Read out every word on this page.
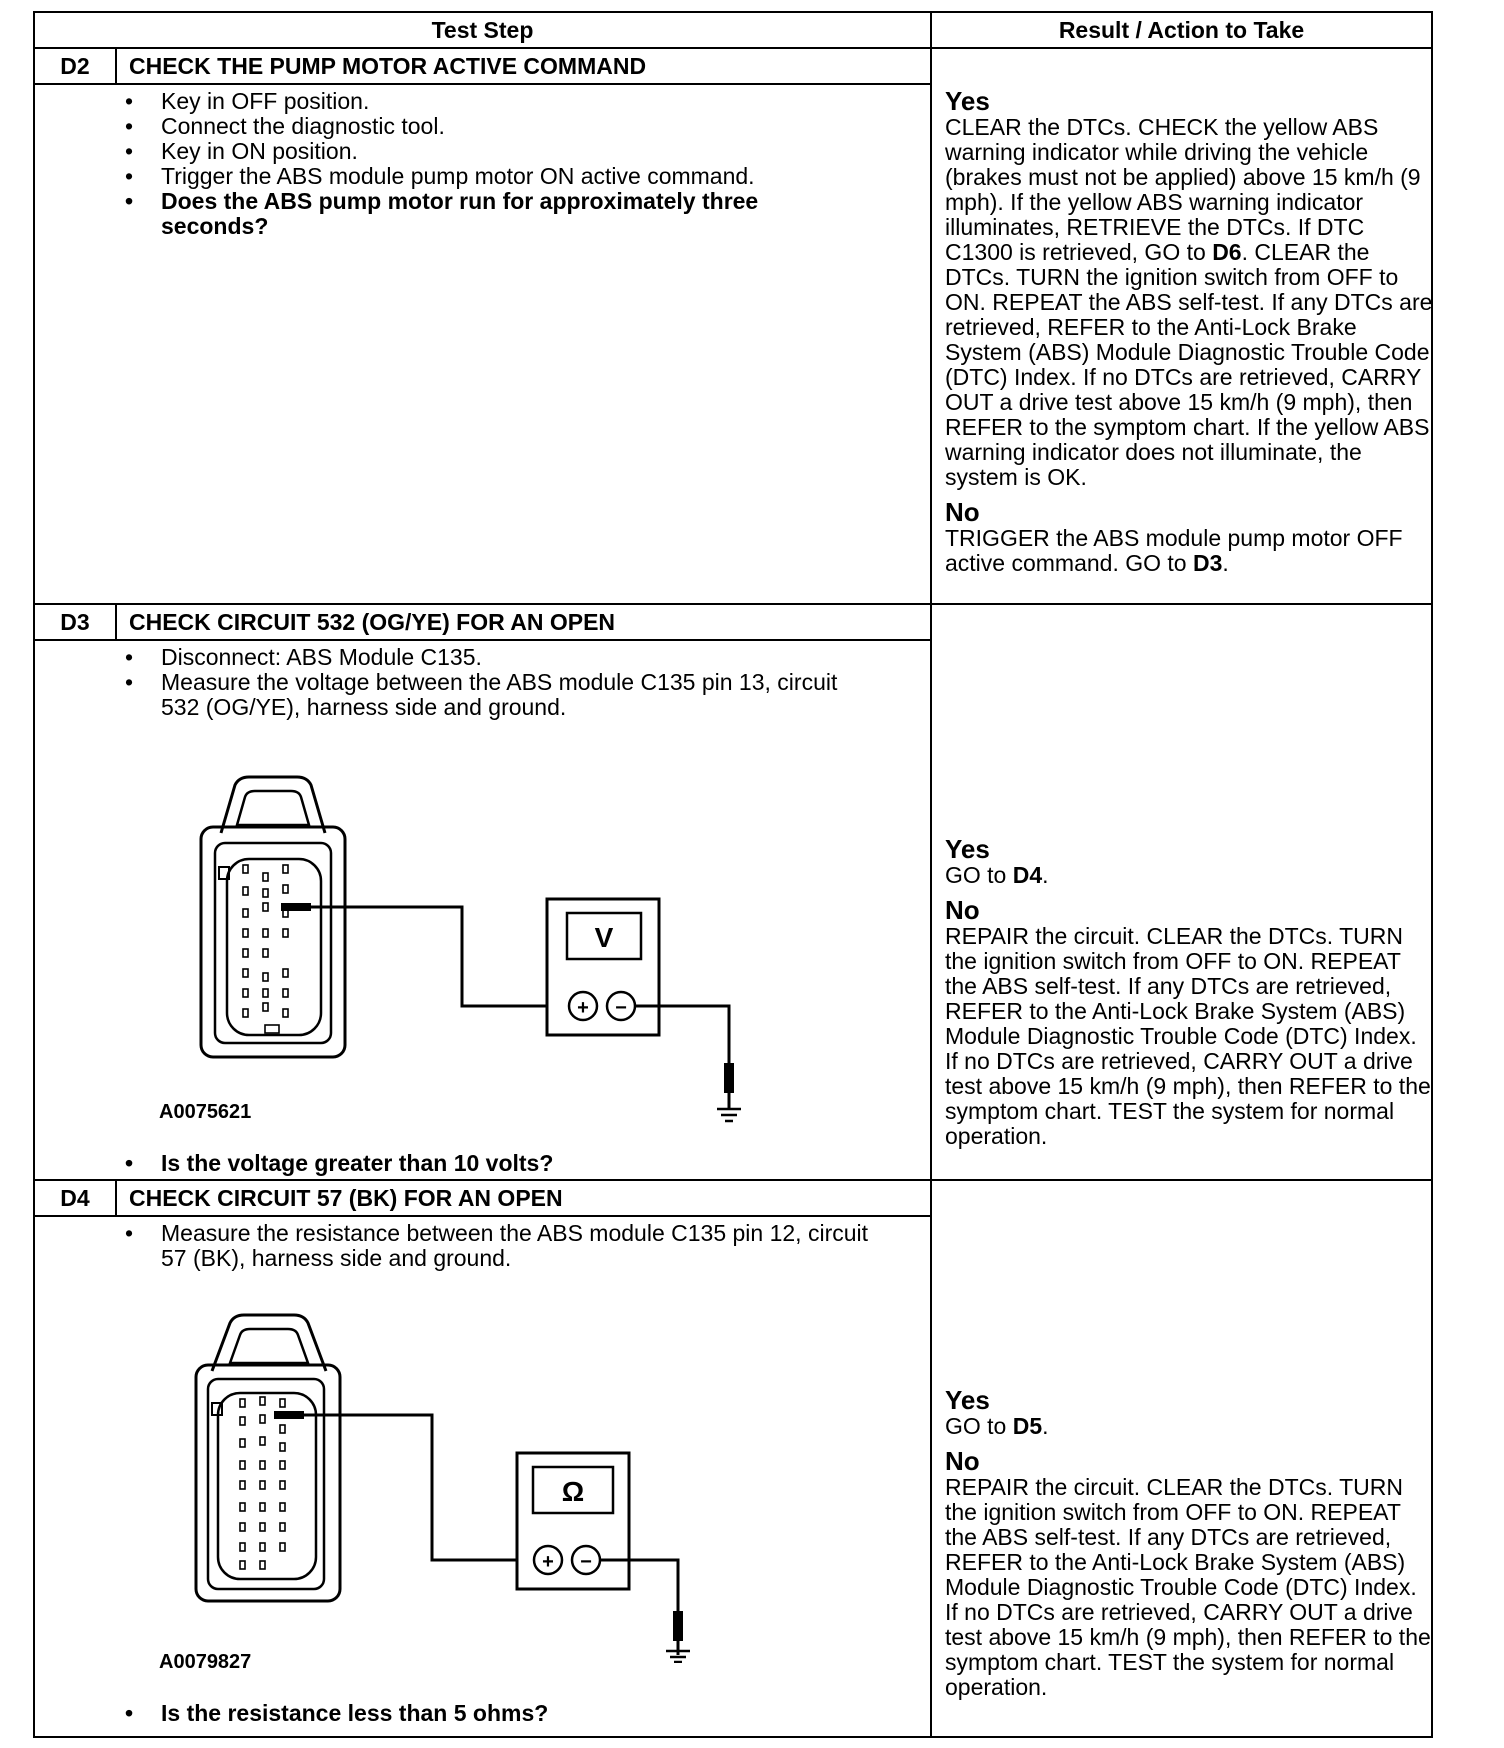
Test Step	Result / Action to Take
D2	CHECK THE PUMP MOTOR ACTIVE COMMAND
• Key in OFF position.
• Connect the diagnostic tool.
• Key in ON position.
• Trigger the ABS module pump motor ON active command.
• Does the ABS pump motor run for approximately three seconds?
Yes

CLEAR the DTCs. CHECK the yellow ABS warning indicator while driving the vehicle (brakes must not be applied) above 15 km/h (9 mph). If the yellow ABS warning indicator illuminates, RETRIEVE the DTCs. If DTC C1300 is retrieved, GO to D6. CLEAR the DTCs. TURN the ignition switch from OFF to ON. REPEAT the ABS self-test. If any DTCs are retrieved, REFER to the Anti-Lock Brake System (ABS) Module Diagnostic Trouble Code (DTC) Index. If no DTCs are retrieved, CARRY OUT a drive test above 15 km/h (9 mph), then REFER to the symptom chart. If the yellow ABS warning indicator does not illuminate, the system is OK.

No

TRIGGER the ABS module pump motor OFF active command. GO to D3.

D3	CHECK CIRCUIT 532 (OG/YE) FOR AN OPEN
• Disconnect: ABS Module C135.
• Measure the voltage between the ABS module C135 pin 13, circuit 532 (OG/YE), harness side and ground.
V
+ −
A0075621
• Is the voltage greater than 10 volts?
Yes

GO to D4.

No

REPAIR the circuit. CLEAR the DTCs. TURN the ignition switch from OFF to ON. REPEAT the ABS self-test. If any DTCs are retrieved, REFER to the Anti-Lock Brake System (ABS) Module Diagnostic Trouble Code (DTC) Index. If no DTCs are retrieved, CARRY OUT a drive test above 15 km/h (9 mph), then REFER to the symptom chart. TEST the system for normal operation.

D4	CHECK CIRCUIT 57 (BK) FOR AN OPEN
• Measure the resistance between the ABS module C135 pin 12, circuit 57 (BK), harness side and ground.
Ω
+ −
A0079827
• Is the resistance less than 5 ohms?
Yes

GO to D5.

No

REPAIR the circuit. CLEAR the DTCs. TURN the ignition switch from OFF to ON. REPEAT the ABS self-test. If any DTCs are retrieved, REFER to the Anti-Lock Brake System (ABS) Module Diagnostic Trouble Code (DTC) Index. If no DTCs are retrieved, CARRY OUT a drive test above 15 km/h (9 mph), then REFER to the symptom chart. TEST the system for normal operation.
